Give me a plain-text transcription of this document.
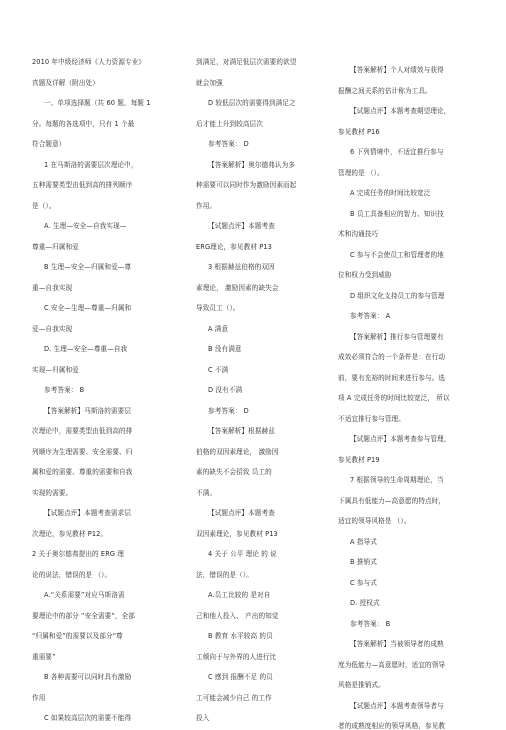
2010 年中级经济师《人力资源专业》
真题及详解（附出处）
一、单项选择题（共 60 题，每题 1
分。每题的各选项中，只有 1 个最
符合题意）
1 在马斯洛的需要层次理论中，
五种需要类型由低到高的排列顺序
是（）。
A. 生理—安全—自我实现—
尊重—归属和爱
B 生理—安全—归属和爱—尊
重—自我实现
C 安全—生理—尊重—归属和
爱—自我实现
D. 生理—安全—尊重—自我
实现—归属和爱
参考答案： B
【答案解析】马斯洛的需要层
次理论中，需要类型由低到高的排
列顺序为生理需要、安全需要、归
属和爱的需要、尊重的需要和自我
实现的需要。
【试题点评】本题考查需求层
次理论，参见教材 P12。
2 关于奥尔德弗提出的 ERG 理
论的说法，错误的是 （）。
A.“关系需要”对应马斯洛需
要理论中的部分 “安全需要”，全部
“归属和爱”的需要以及部分“尊
重需要”
B 各种需要可以同时具有激励
作用
C 如果较高层次的需要不能得
到满足，对满足低层次需要的欲望
就会加强
D 较低层次的需要得到满足之
后才能上升到较高层次
参考答案： D
【答案解析】奥尔德弗认为多
种需要可以同时作为激励因素而起
作用。
【试题点评】本题考查
ERG理论，参见教材 P13
3 根据赫兹伯格的双因
素理论， 激励因素的缺失会
导致员工（）。
A 满意
B 没有满意
C 不满
D 没有不满
参考答案： D
【答案解析】根据赫兹
伯格的双因素理论， 激励因
素的缺失不会招致 员工的
不满。
【试题点评】本题考查
双因素理论，参见教材 P13
4 关于 公平 理论 的 说
法，错误的是（）。
A.员工比较的 是对自
己和他人投入、 产出的知觉
B 教育 水平较高 的员
工倾向于与外界的人进行比
C 感到 报酬不足 的员
工可能会减少自己 的工作
投入
【答案解析】个人对绩效与获得
报酬之间关系的估计称为工具。
【试题点评】本题考查期望理论，
参见教材 P16
6 下列情境中，不适宜推行参与
管理的是 （）。
A 完成任务的时间比较宽泛
B 员工具备相应的智力、知识技
术和沟通技巧
C 参与不会使员工和管理者的地
位和权力受到威胁
D 组织文化支持员工的参与管理
参考答案： A
【答案解析】推行参与管理要有
成效必须符合的一个条件是：在行动
前，要有充裕的时间来进行参与。选
项 A 完成任务的时间比较宽泛， 所以
不适宜推行参与管理。
【试题点评】本题考查参与管理，
参见教材 P19
7 根据领导的生命周期理论，当
下属具有低能力—高意愿的特点时，
适宜的领导风格是 （）。
A 指导式
B 推销式
C 参与式
D. 授权式
参考答案： B
【答案解析】当被领导者的成熟
度为低能力—高意愿时，适宜的领导
风格是推销式。
【试题点评】本题考查领导者与
者的成熟度相应的领导风格，参见教
